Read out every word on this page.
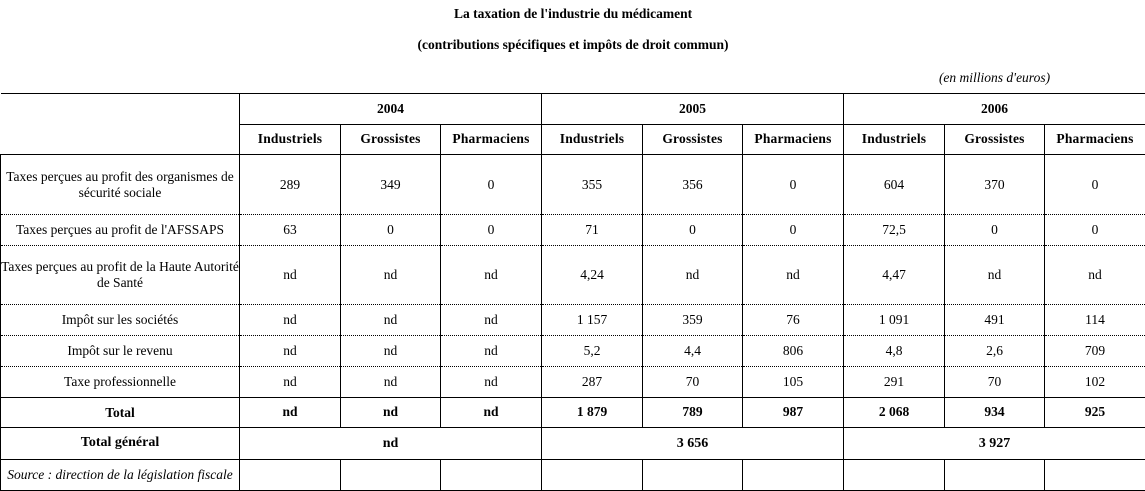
La taxation de l'industrie du médicament									
(contributions spécifiques et impôts de droit commun)									
							(en millions d'euros)		
	2004			2005			2006		
	Industriels	Grossistes	Pharmaciens	Industriels	Grossistes	Pharmaciens	Industriels	Grossistes	Pharmaciens
Taxes perçues au profit des organismes de sécurité sociale	289	349	0	355	356	0	604	370	0
Taxes perçues au profit de l'AFSSAPS	63	0	0	71	0	0	72,5	0	0
Taxes perçues au profit de la Haute Autorité de Santé	nd	nd	nd	4,24	nd	nd	4,47	nd	nd
Impôt sur les sociétés	nd	nd	nd	1 157	359	76	1 091	491	114
Impôt sur le revenu	nd	nd	nd	5,2	4,4	806	4,8	2,6	709
Taxe professionnelle	nd	nd	nd	287	70	105	291	70	102
Total	nd	nd	nd	1 879	789	987	2 068	934	925
Total général	nd			3 656			3 927		
Source : direction de la législation fiscale									
